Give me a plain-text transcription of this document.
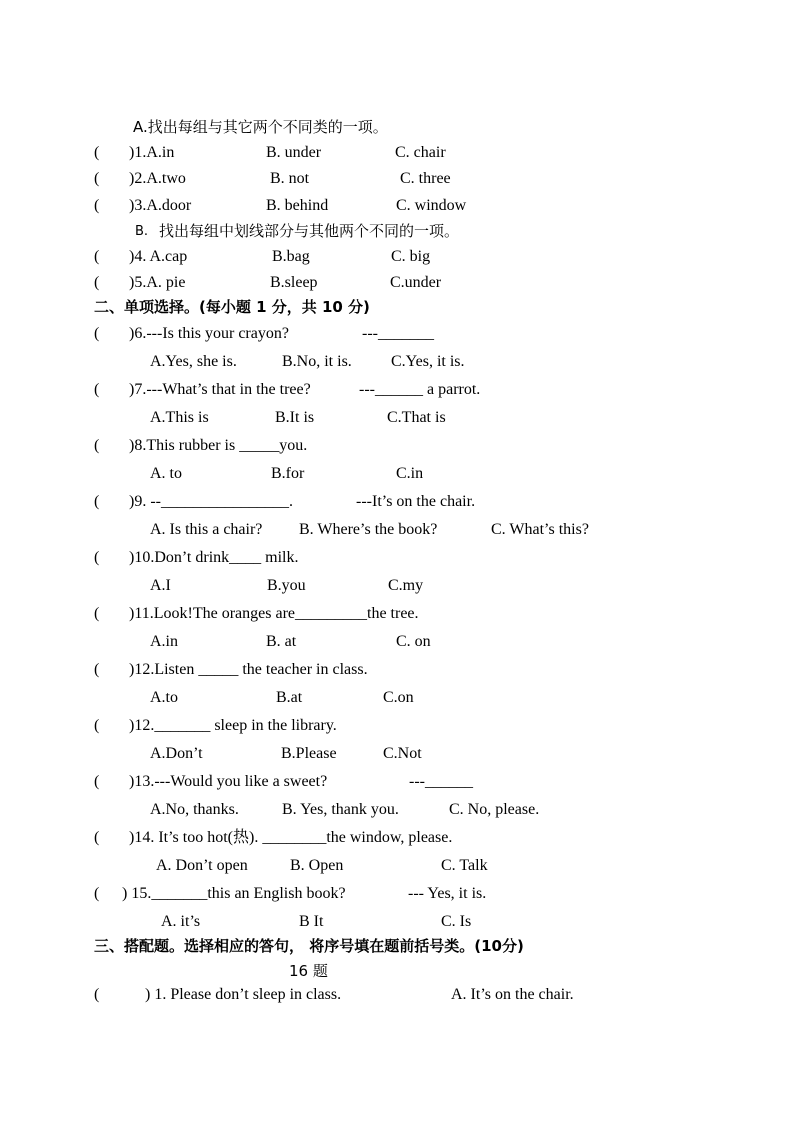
A.找出每组与其它两个不同类的一项。
( )1.A.in	B. under	C. chair
( )2.A.two	B. not	C. three
( )3.A.door	B. behind	C. window
B. 找出每组中划线部分与其他两个不同的一项。
( )4. A.cap	B.bag	C. big
( )5.A. pie	B.sleep	C.under
二、单项选择。(每小题 1 分，共 10 分)
( )6.---Is this your crayon?	---_______
A.Yes, she is.	B.No, it is. C.Yes, it is.
( )7.---What’s that in the tree?	---______ a parrot.
A.This is	B.It is	C.That is
( )8.This rubber is _____you.
A. to	B.for	C.in
( )9. --________________.	---It’s on the chair.
A. Is this a chair? B. Where’s the book?	C. What’s this?
( )10.Don’t drink____ milk.
A.I	B.you	C.my
( )11.Look!The oranges are_________the tree.
A.in	B. at	C. on
( )12.Listen _____ the teacher in class.
A.to	B.at	C.on
( )12._______ sleep in the library.
A.Don’t	B.Please	C.Not
( )13.---Would you like a sweet?	---______
A.No, thanks.	B. Yes, thank you.	C. No, please.
( )14. It’s too hot(热). ________the window, please.
A. Don’t open	B. Open	C. Talk
( ) 15._______this an English book?	--- Yes, it is.
A. it’s	B It	C. Is
三、搭配题。选择相应的答句， 将序号填在题前括号类。(10分)
16 题
(	) 1. Please don’t sleep in class.	A. It’s on the chair.
